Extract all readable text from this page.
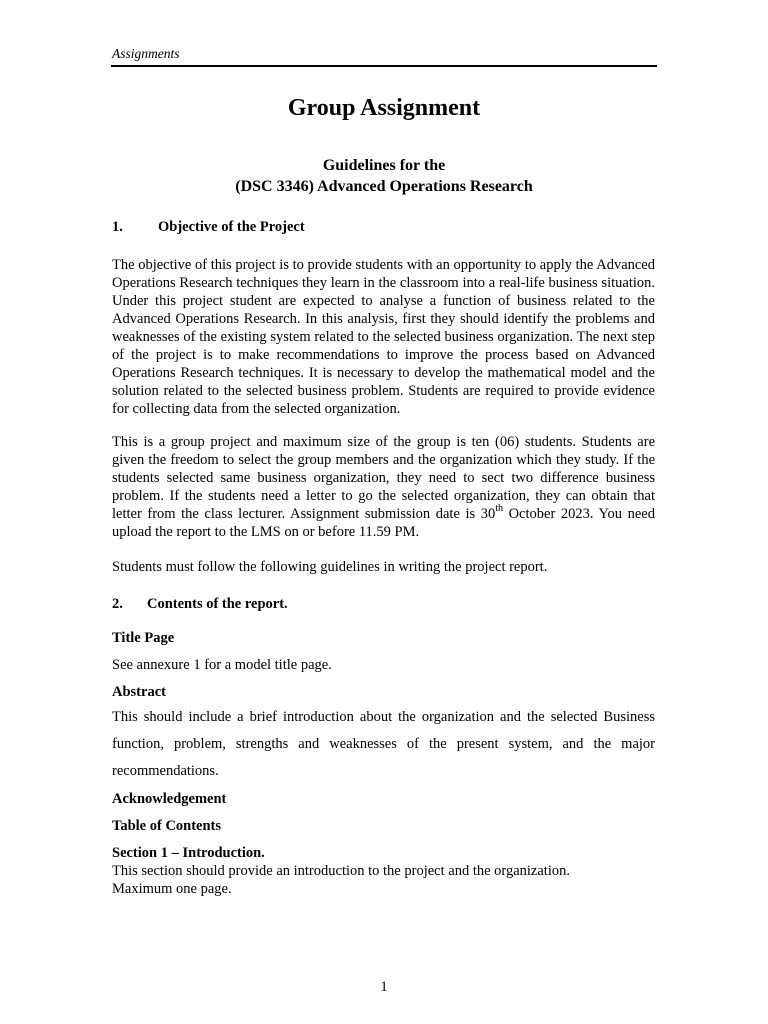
Assignments
Group Assignment
Guidelines for the
(DSC 3346) Advanced Operations Research
1. Objective of the Project
The objective of this project is to provide students with an opportunity to apply the Advanced Operations Research techniques they learn in the classroom into a real-life business situation. Under this project student are expected to analyse a function of business related to the Advanced Operations Research. In this analysis, first they should identify the problems and weaknesses of the existing system related to the selected business organization. The next step of the project is to make recommendations to improve the process based on Advanced Operations Research techniques. It is necessary to develop the mathematical model and the solution related to the selected business problem. Students are required to provide evidence for collecting data from the selected organization.
This is a group project and maximum size of the group is ten (06) students. Students are given the freedom to select the group members and the organization which they study. If the students selected same business organization, they need to sect two difference business problem. If the students need a letter to go the selected organization, they can obtain that letter from the class lecturer. Assignment submission date is 30th October 2023. You need upload the report to the LMS on or before 11.59 PM.
Students must follow the following guidelines in writing the project report.
2. Contents of the report.
Title Page
See annexure 1 for a model title page.
Abstract
This should include a brief introduction about the organization and the selected Business function, problem, strengths and weaknesses of the present system, and the major recommendations.
Acknowledgement
Table of Contents
Section 1 – Introduction.
This section should provide an introduction to the project and the organization.
Maximum one page.
1
